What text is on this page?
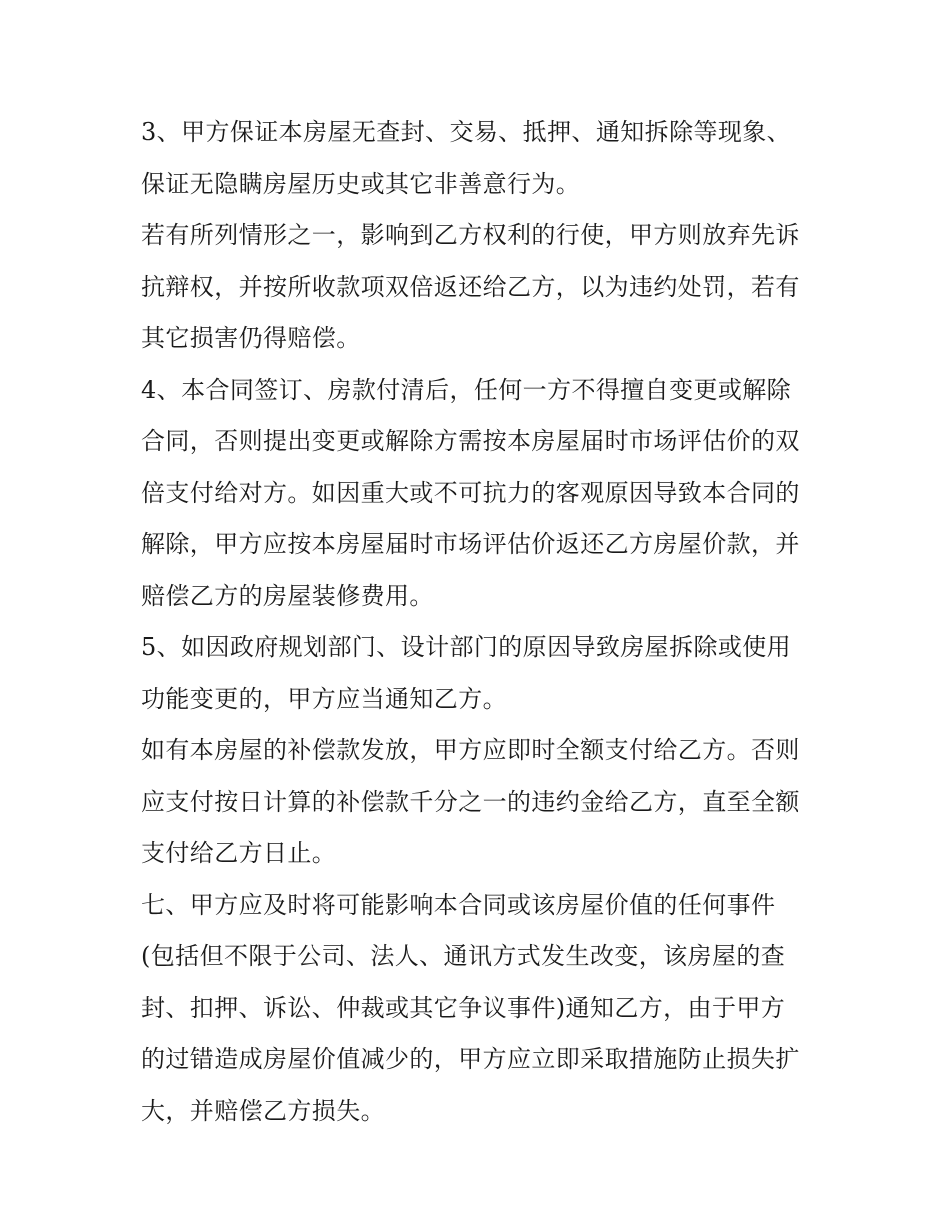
3、甲方保证本房屋无查封、交易、抵押、通知拆除等现象、
保证无隐瞒房屋历史或其它非善意行为。
若有所列情形之一，影响到乙方权利的行使，甲方则放弃先诉
抗辩权，并按所收款项双倍返还给乙方，以为违约处罚，若有
其它损害仍得赔偿。
4、本合同签订、房款付清后，任何一方不得擅自变更或解除
合同，否则提出变更或解除方需按本房屋届时市场评估价的双
倍支付给对方。如因重大或不可抗力的客观原因导致本合同的
解除，甲方应按本房屋届时市场评估价返还乙方房屋价款，并
赔偿乙方的房屋装修费用。
5、如因政府规划部门、设计部门的原因导致房屋拆除或使用
功能变更的，甲方应当通知乙方。
如有本房屋的补偿款发放，甲方应即时全额支付给乙方。否则
应支付按日计算的补偿款千分之一的违约金给乙方，直至全额
支付给乙方日止。
七、甲方应及时将可能影响本合同或该房屋价值的任何事件
(包括但不限于公司、法人、通讯方式发生改变，该房屋的查
封、扣押、诉讼、仲裁或其它争议事件)通知乙方，由于甲方
的过错造成房屋价值减少的，甲方应立即采取措施防止损失扩
大，并赔偿乙方损失。
